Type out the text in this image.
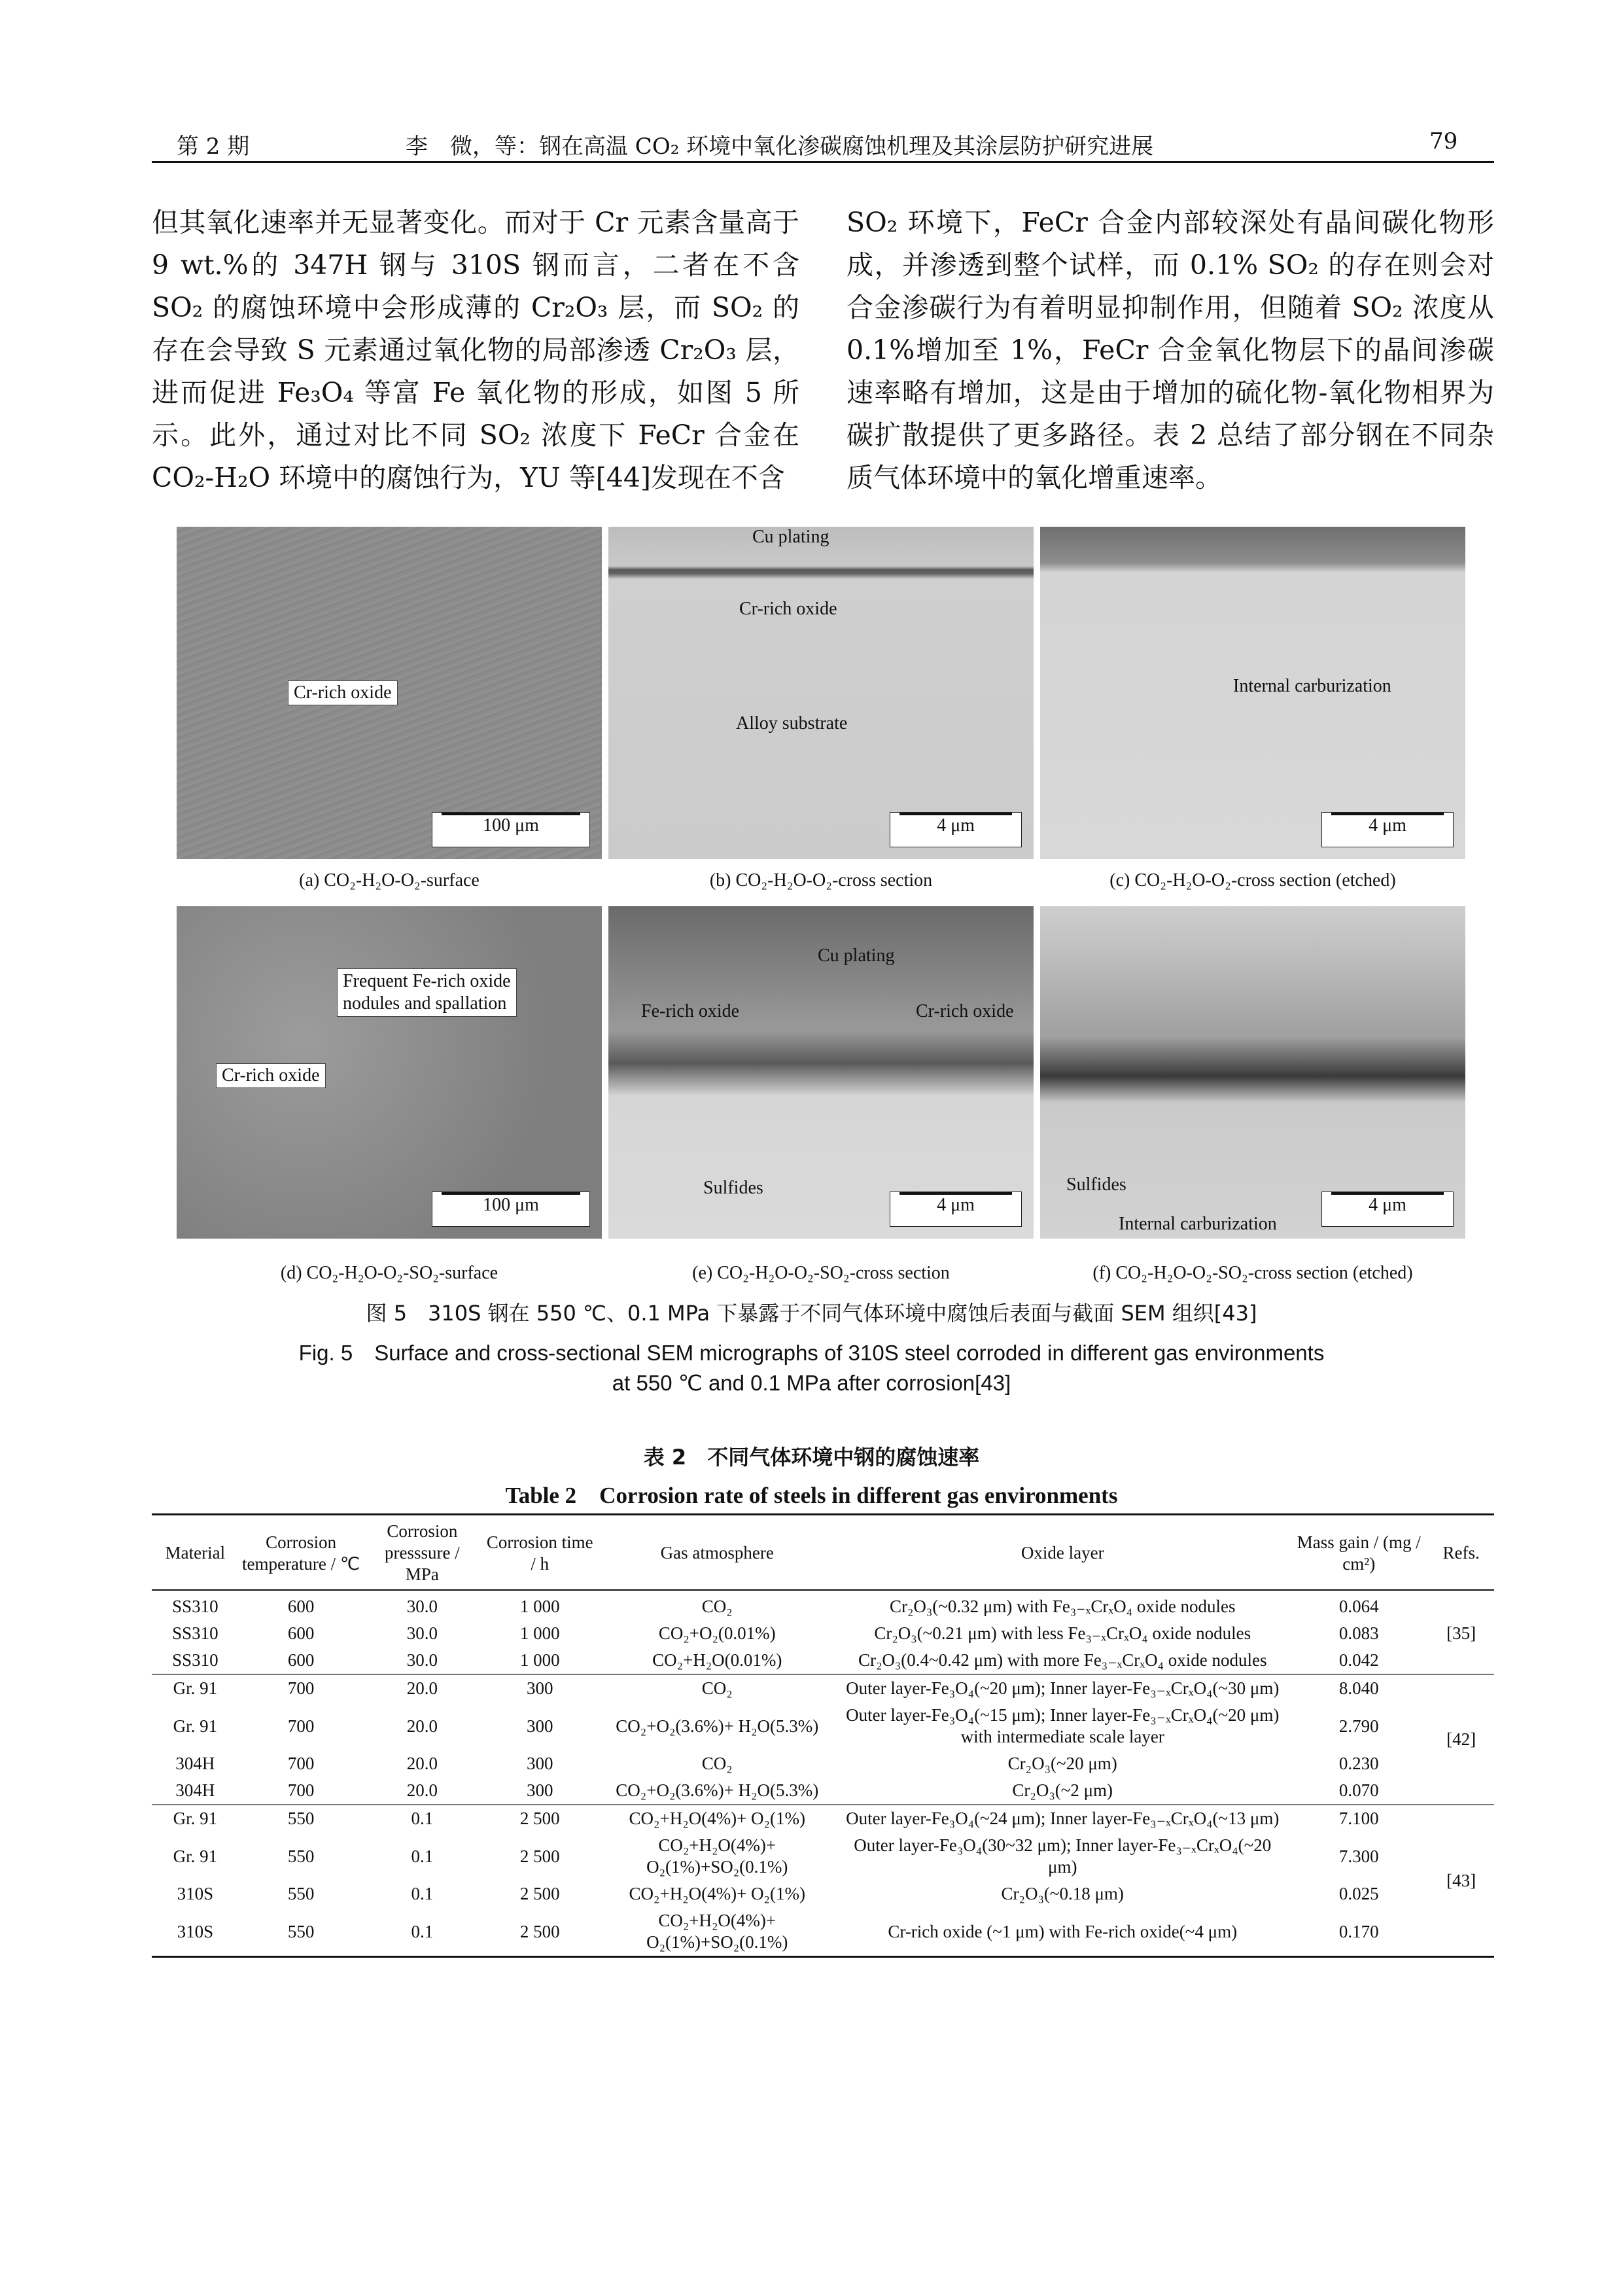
第 2 期	李　微，等：钢在高温 CO₂ 环境中氧化渗碳腐蚀机理及其涂层防护研究进展	79

但其氧化速率并无显著变化。而对于 Cr 元素含量高于 9 wt.%的 347H 钢与 310S 钢而言，二者在不含 SO₂ 的腐蚀环境中会形成薄的 Cr₂O₃ 层，而 SO₂ 的存在会导致 S 元素通过氧化物的局部渗透 Cr₂O₃ 层，进而促进 Fe₃O₄ 等富 Fe 氧化物的形成，如图 5 所示。此外，通过对比不同 SO₂ 浓度下 FeCr 合金在 CO₂-H₂O 环境中的腐蚀行为，YU 等[44]发现在不含

SO₂ 环境下，FeCr 合金内部较深处有晶间碳化物形成，并渗透到整个试样，而 0.1% SO₂ 的存在则会对合金渗碳行为有着明显抑制作用，但随着 SO₂ 浓度从 0.1%增加至 1%，FeCr 合金氧化物层下的晶间渗碳速率略有增加，这是由于增加的硫化物-氧化物相界为碳扩散提供了更多路径。表 2 总结了部分钢在不同杂质气体环境中的氧化增重速率。

Cr-rich oxide
100 μm
Cu plating
Cr-rich oxide
Alloy substrate
4 μm
Internal carburization
4 μm
(a) CO₂-H₂O-O₂-surface	(b) CO₂-H₂O-O₂-cross section	(c) CO₂-H₂O-O₂-cross section (etched)
Frequent Fe-rich oxide
nodules and spallation
Cr-rich oxide
100 μm
Cu plating
Fe-rich oxide	Cr-rich oxide
Sulfides
4 μm
Sulfides
Internal carburization
4 μm
(d) CO₂-H₂O-O₂-SO₂-surface	(e) CO₂-H₂O-O₂-SO₂-cross section	(f) CO₂-H₂O-O₂-SO₂-cross section (etched)
图 5　310S 钢在 550 ℃、0.1 MPa 下暴露于不同气体环境中腐蚀后表面与截面 SEM 组织[43]
Fig. 5　Surface and cross-sectional SEM micrographs of 310S steel corroded in different gas environments
at 550 ℃ and 0.1 MPa after corrosion[43]
表 2　不同气体环境中钢的腐蚀速率
Table 2　Corrosion rate of steels in different gas environments
Material	Corrosion temperature / ℃	Corrosion presssure / MPa	Corrosion time / h	Gas atmosphere	Oxide layer	Mass gain / (mg / cm²)	Refs.
SS310	600	30.0	1 000	CO₂	Cr₂O₃(~0.32 μm) with Fe₃₋ₓCrₓO₄ oxide nodules	0.064	[35]
SS310	600	30.0	1 000	CO₂+O₂(0.01%)	Cr₂O₃(~0.21 μm) with less Fe₃₋ₓCrₓO₄ oxide nodules	0.083	
SS310	600	30.0	1 000	CO₂+H₂O(0.01%)	Cr₂O₃(0.4~0.42 μm) with more Fe₃₋ₓCrₓO₄ oxide nodules	0.042	
Gr. 91	700	20.0	300	CO₂	Outer layer-Fe₃O₄(~20 μm); Inner layer-Fe₃₋ₓCrₓO₄(~30 μm)	8.040	[42]
Gr. 91	700	20.0	300	CO₂+O₂(3.6%)+ H₂O(5.3%)	Outer layer-Fe₃O₄(~15 μm); Inner layer-Fe₃₋ₓCrₓO₄(~20 μm) with intermediate scale layer	2.790	
304H	700	20.0	300	CO₂	Cr₂O₃(~20 μm)	0.230	
304H	700	20.0	300	CO₂+O₂(3.6%)+ H₂O(5.3%)	Cr₂O₃(~2 μm)	0.070	
Gr. 91	550	0.1	2 500	CO₂+H₂O(4%)+ O₂(1%)	Outer layer-Fe₃O₄(~24 μm); Inner layer-Fe₃₋ₓCrₓO₄(~13 μm)	7.100	[43]
Gr. 91	550	0.1	2 500	CO₂+H₂O(4%)+ O₂(1%)+SO₂(0.1%)	Outer layer-Fe₃O₄(30~32 μm); Inner layer-Fe₃₋ₓCrₓO₄(~20 μm)	7.300	
310S	550	0.1	2 500	CO₂+H₂O(4%)+ O₂(1%)	Cr₂O₃(~0.18 μm)	0.025	
310S	550	0.1	2 500	CO₂+H₂O(4%)+ O₂(1%)+SO₂(0.1%)	Cr-rich oxide (~1 μm) with Fe-rich oxide(~4 μm)	0.170	
